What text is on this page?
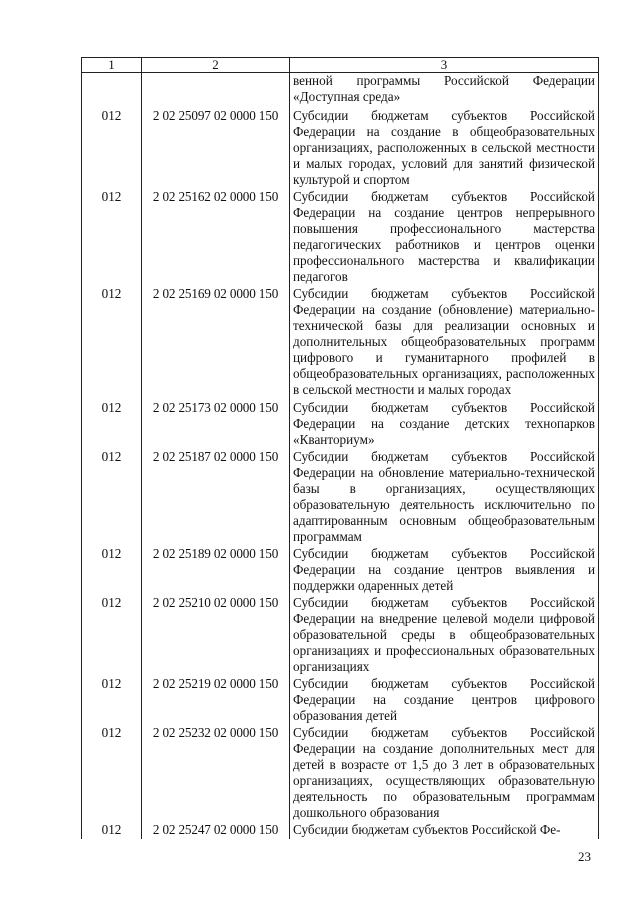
1	2	3
		венной программы Российской Федерации «Доступная среда»
012	2 02 25097 02 0000 150	Субсидии бюджетам субъектов Российской Федерации на создание в общеобразовательных организациях, расположенных в сельской местности и малых городах, условий для занятий физической культурой и спортом
012	2 02 25162 02 0000 150	Субсидии бюджетам субъектов Российской Федерации на создание центров непрерывного повышения профессионального мастерства педагогических работников и центров оценки профессионального мастерства и квалификации педагогов
012	2 02 25169 02 0000 150	Субсидии бюджетам субъектов Российской Федерации на создание (обновление) материально-технической базы для реализации основных и дополнительных общеобразовательных программ цифрового и гуманитарного профилей в общеобразовательных организациях, расположенных в сельской местности и малых городах
012	2 02 25173 02 0000 150	Субсидии бюджетам субъектов Российской Федерации на создание детских технопарков «Кванториум»
012	2 02 25187 02 0000 150	Субсидии бюджетам субъектов Российской Федерации на обновление материально-технической базы в организациях, осуществляющих образовательную деятельность исключительно по адаптированным основным общеобразовательным программам
012	2 02 25189 02 0000 150	Субсидии бюджетам субъектов Российской Федерации на создание центров выявления и поддержки одаренных детей
012	2 02 25210 02 0000 150	Субсидии бюджетам субъектов Российской Федерации на внедрение целевой модели цифровой образовательной среды в общеобразовательных организациях и профессиональных образовательных организациях
012	2 02 25219 02 0000 150	Субсидии бюджетам субъектов Российской Федерации на создание центров цифрового образования детей
012	2 02 25232 02 0000 150	Субсидии бюджетам субъектов Российской Федерации на создание дополнительных мест для детей в возрасте от 1,5 до 3 лет в образовательных организациях, осуществляющих образовательную деятельность по образовательным программам дошкольного образования
012	2 02 25247 02 0000 150	Субсидии бюджетам субъектов Российской Фе-
23
